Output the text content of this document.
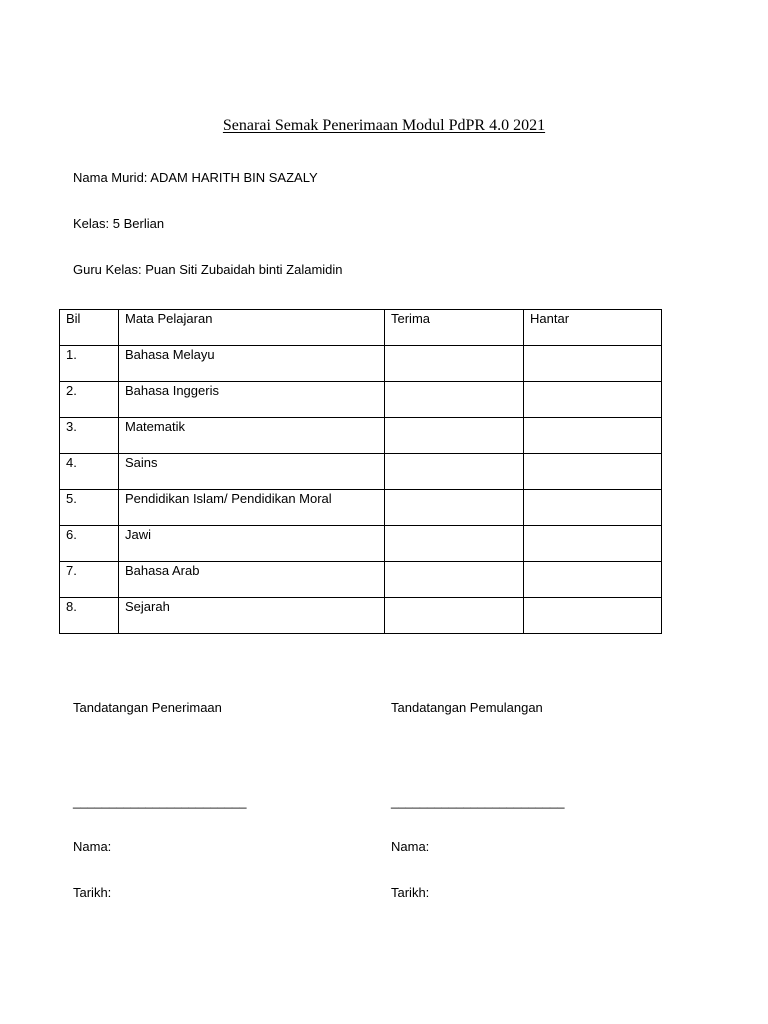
Senarai Semak Penerimaan Modul PdPR 4.0 2021
Nama Murid: ADAM HARITH BIN SAZALY
Kelas: 5 Berlian
Guru Kelas: Puan Siti Zubaidah binti Zalamidin
Bil	Mata Pelajaran	Terima	Hantar
1.	Bahasa Melayu		
2.	Bahasa Inggeris		
3.	Matematik		
4.	Sains		
5.	Pendidikan Islam/ Pendidikan Moral		
6.	Jawi		
7.	Bahasa Arab		
8.	Sejarah		
Tandatangan Penerimaan	Tandatangan Pemulangan
________________________	________________________
Nama:	Nama:
Tarikh:	Tarikh:
